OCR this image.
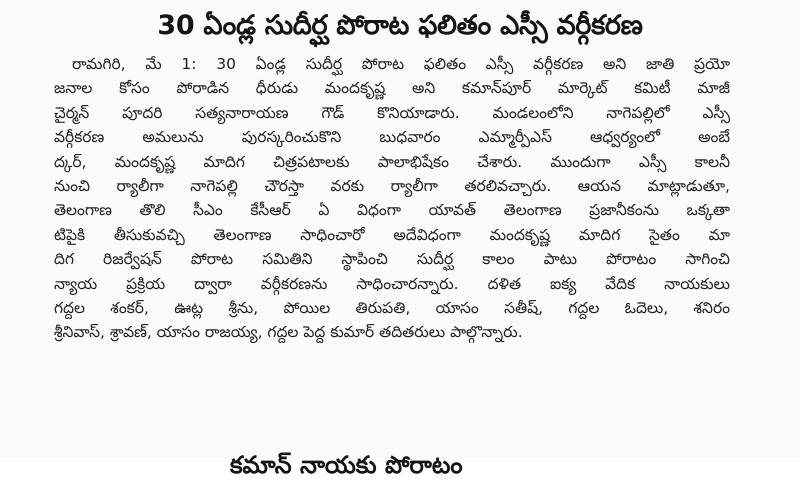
30 ఏండ్ల సుదీర్ఘ పోరాట ఫలితం ఎస్సీ వర్గీకరణ
రామగిరి, మే 1: 30 ఏండ్ల సుదీర్ఘ పోరాట ఫలితం ఎస్సీ వర్గీకరణ అని జాతి ప్రయో
జనాల కోసం పోరాడిన ధీరుడు మందకృష్ణ అని కమాన్‌పూర్ మార్కెట్ కమిటీ మాజీ
చైర్మన్ పూదరి సత్యనారాయణ గౌడ్ కొనియాడారు. మండలంలోని నాగెపల్లిలో ఎస్సీ
వర్గీకరణ అమలును పురస్కరించుకొని బుధవారం ఎమ్మార్పీఎస్ ఆధ్వర్యంలో అంబే
ద్కర్, మందకృష్ణ మాదిగ చిత్రపటాలకు పాలాభిషేకం చేశారు. ముందుగా ఎస్సీ కాలనీ
నుంచి ర్యాలీగా నాగెపల్లి చౌరస్తా వరకు ర్యాలీగా తరలివచ్చారు. ఆయన మాట్లాడుతూ,
తెలంగాణ తొలి సీఎం కేసీఆర్ ఏ విధంగా యావత్ తెలంగాణ ప్రజానీకంను ఒక్కతా
టిపైకి తీసుకువచ్చి తెలంగాణ సాధించారో అదేవిధంగా మందకృష్ణ మాదిగ సైతం మా
దిగ రిజర్వేషన్ పోరాట సమితిని స్థాపించి సుదీర్ఘ కాలం పాటు పోరాటం సాగించి
న్యాయ ప్రక్రియ ద్వారా వర్గీకరణను సాధించారన్నారు. దళిత ఐక్య వేదిక నాయకులు
గద్దల శంకర్, ఊట్ల శ్రీను, పోయిల తిరుపతి, యాసం సతీష్, గద్దల ఓదెలు, శనిరం
శ్రీనివాస్, శ్రావణ్, యాసం రాజయ్య, గద్దల పెద్ద కుమార్ తదితరులు పాల్గొన్నారు.
కమాన్ నాయకు పోరాటం
